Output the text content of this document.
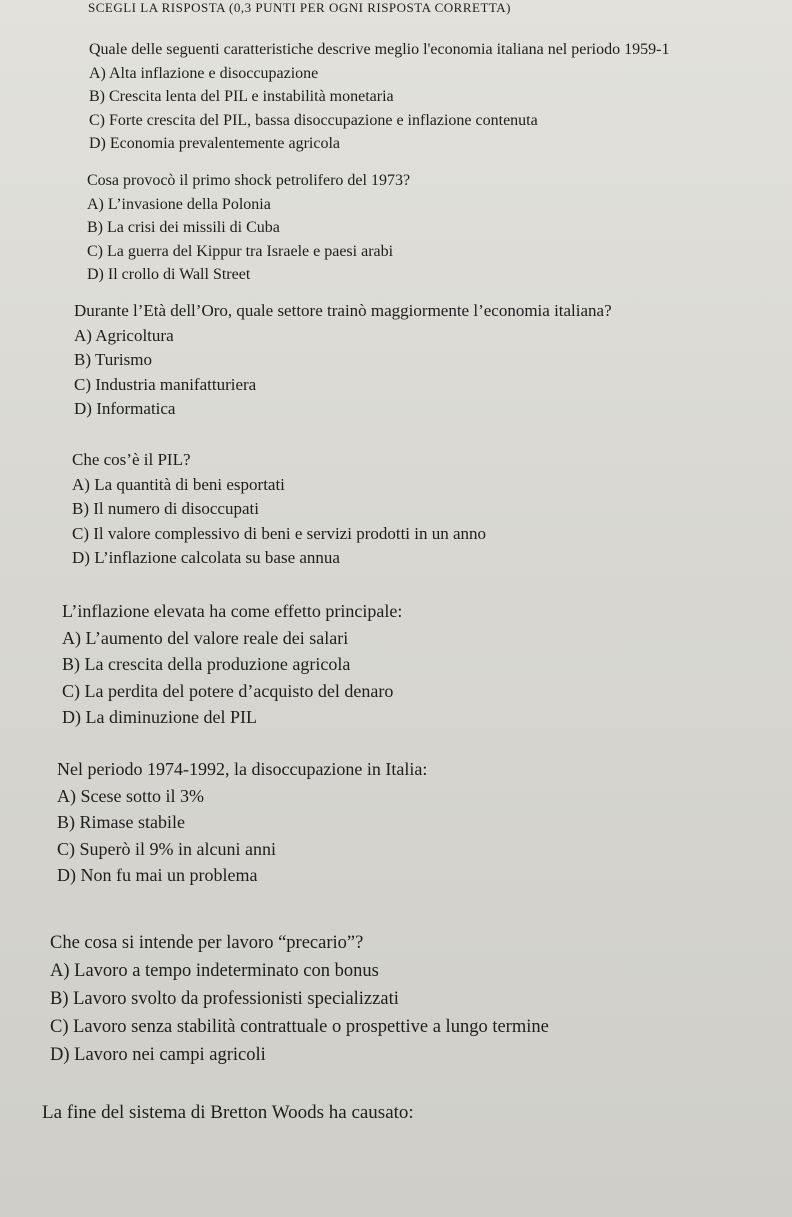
SCEGLI LA RISPOSTA (0,3 PUNTI PER OGNI RISPOSTA CORRETTA)
Quale delle seguenti caratteristiche descrive meglio l'economia italiana nel periodo 1959-1
A) Alta inflazione e disoccupazione
B) Crescita lenta del PIL e instabilità monetaria
C) Forte crescita del PIL, bassa disoccupazione e inflazione contenuta
D) Economia prevalentemente agricola
Cosa provocò il primo shock petrolifero del 1973?
A) L’invasione della Polonia
B) La crisi dei missili di Cuba
C) La guerra del Kippur tra Israele e paesi arabi
D) Il crollo di Wall Street
Durante l’Età dell’Oro, quale settore trainò maggiormente l’economia italiana?
A) Agricoltura
B) Turismo
C) Industria manifatturiera
D) Informatica
Che cos’è il PIL?
A) La quantità di beni esportati
B) Il numero di disoccupati
C) Il valore complessivo di beni e servizi prodotti in un anno
D) L’inflazione calcolata su base annua
L’inflazione elevata ha come effetto principale:
A) L’aumento del valore reale dei salari
B) La crescita della produzione agricola
C) La perdita del potere d’acquisto del denaro
D) La diminuzione del PIL
Nel periodo 1974-1992, la disoccupazione in Italia:
A) Scese sotto il 3%
B) Rimase stabile
C) Superò il 9% in alcuni anni
D) Non fu mai un problema
Che cosa si intende per lavoro “precario”?
A) Lavoro a tempo indeterminato con bonus
B) Lavoro svolto da professionisti specializzati
C) Lavoro senza stabilità contrattuale o prospettive a lungo termine
D) Lavoro nei campi agricoli
La fine del sistema di Bretton Woods ha causato:
